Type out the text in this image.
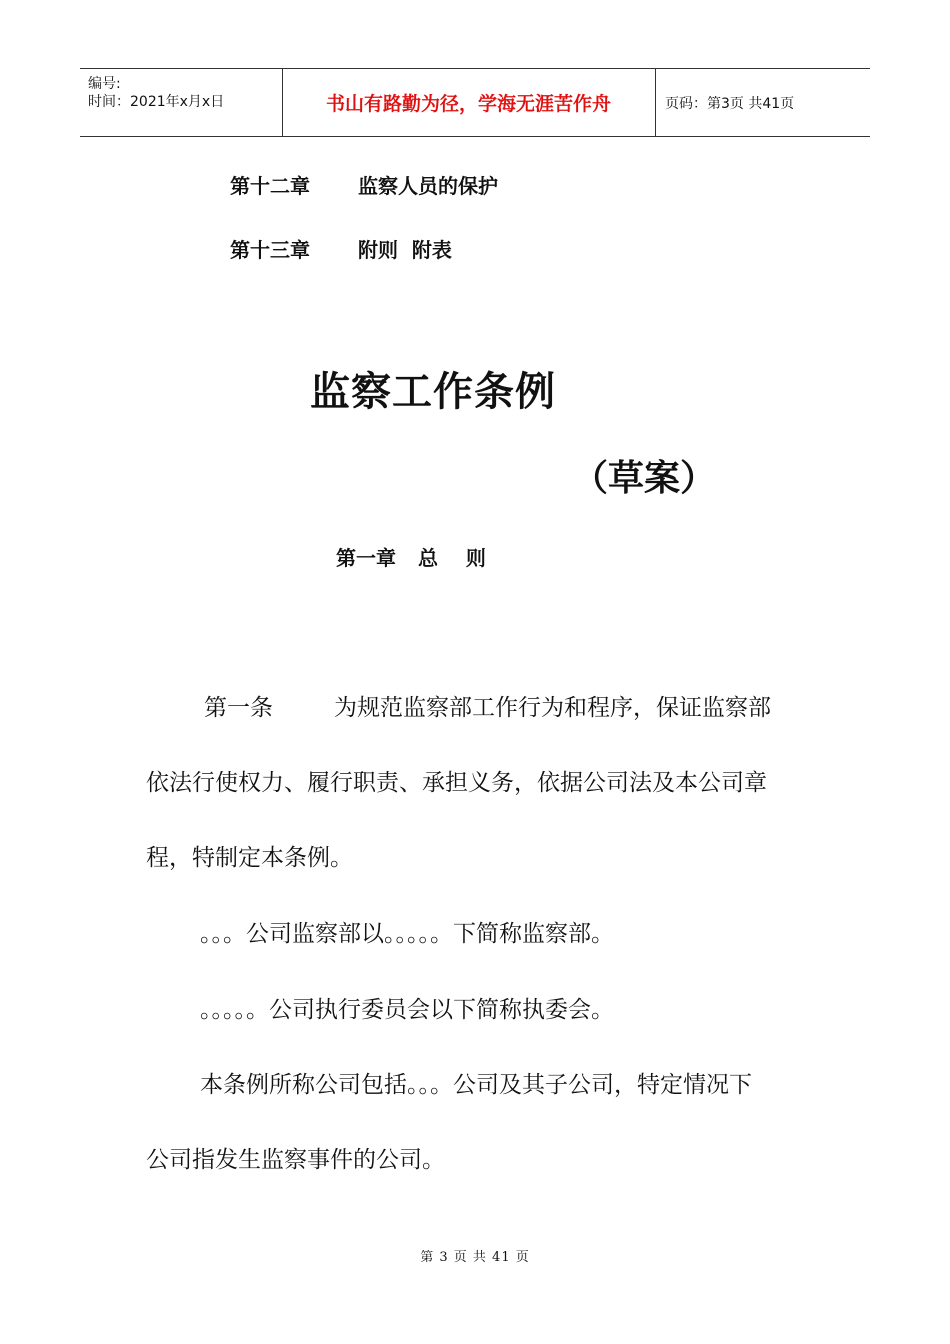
编号:
时间：2021年x月x日	书山有路勤为径，学海无涯苦作舟	页码：第3页 共41页
第十二章 监察人员的保护
第十三章 附则  附表
监察工作条例
（草案）
第一章 总    则
第一条	为规范监察部工作行为和程序，保证监察部
依法行使权力、履行职责、承担义务，依据公司法及本公司章
程，特制定本条例。
。。。公司监察部以。。。。。下简称监察部。
。。。。。公司执行委员会以下简称执委会。
本条例所称公司包括。。。公司及其子公司，特定情况下
公司指发生监察事件的公司。
第 3 页 共 41 页
